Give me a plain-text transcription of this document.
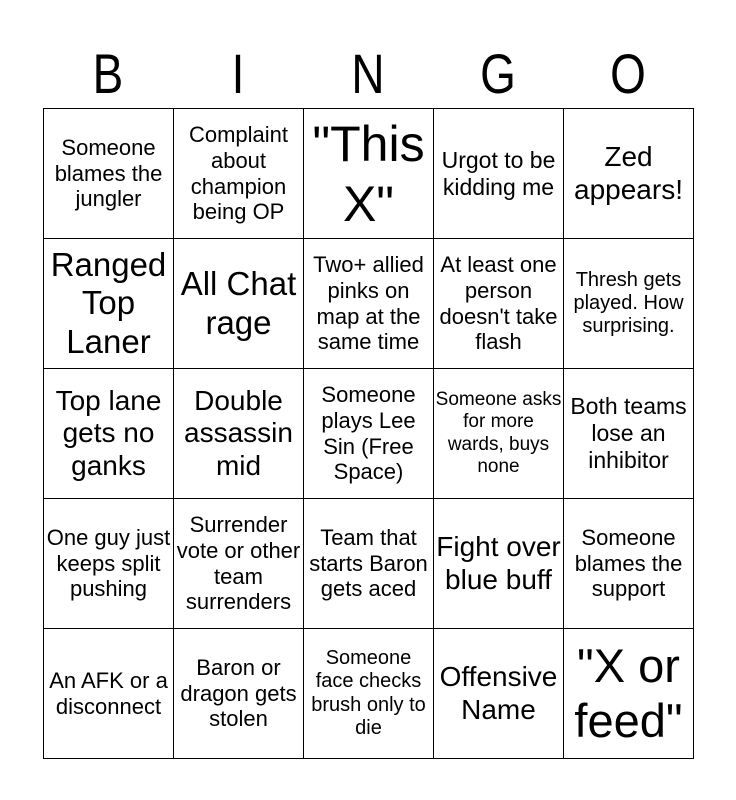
B	I	N	G	O
Someone blames the jungler	Complaint about champion being OP	"This X"	Urgot to be kidding me	Zed appears!
Ranged Top Laner	All Chat rage	Two+ allied pinks on map at the same time	At least one person doesn't take flash	Thresh gets played. How surprising.
Top lane gets no ganks	Double assassin mid	Someone plays Lee Sin (Free Space)	Someone asks for more wards, buys none	Both teams lose an inhibitor
One guy just keeps split pushing	Surrender vote or other team surrenders	Team that starts Baron gets aced	Fight over blue buff	Someone blames the support
An AFK or a disconnect	Baron or dragon gets stolen	Someone face checks brush only to die	Offensive Name	"X or feed"
